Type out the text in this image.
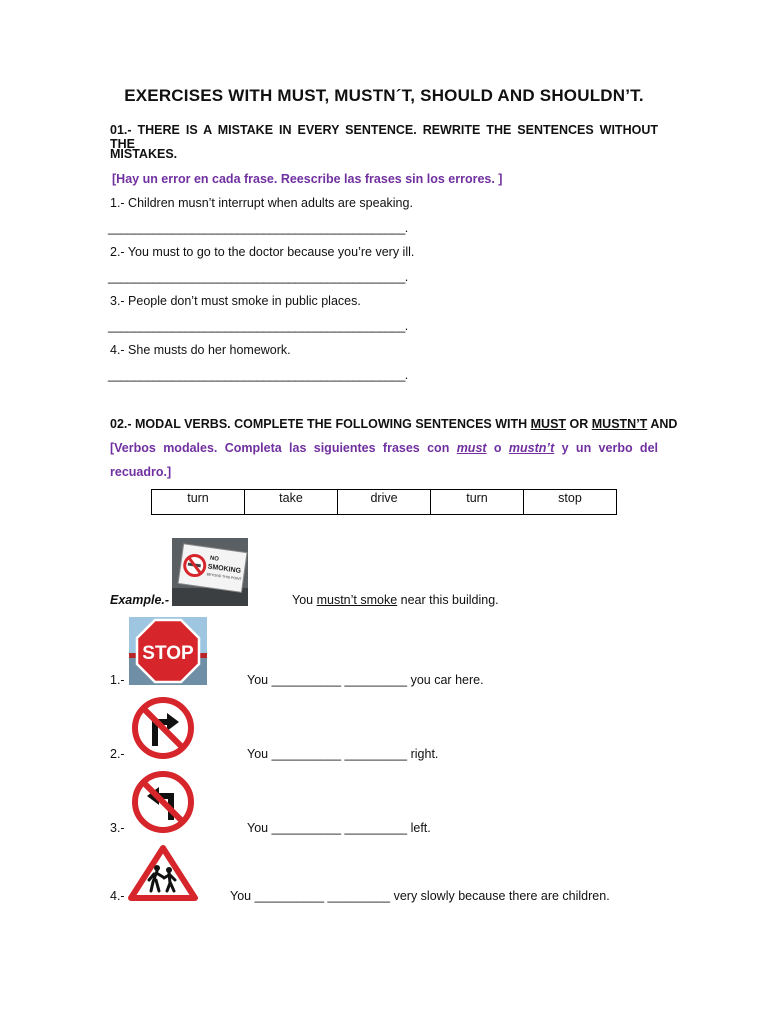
EXERCISES WITH MUST, MUSTN´T, SHOULD AND SHOULDN’T.
01.- THERE IS A MISTAKE IN EVERY SENTENCE. REWRITE THE SENTENCES WITHOUT THE
MISTAKES.
[Hay un error en cada frase. Reescribe las frases sin los errores. ]
1.- Children musn’t interrupt when adults are speaking.
______________________________________________.
2.- You must to go to the doctor because you’re very ill.
______________________________________________.
3.- People don’t must smoke in public places.
______________________________________________.
4.- She musts do her homework.
______________________________________________.
02.- MODAL VERBS. COMPLETE THE FOLLOWING SENTENCES WITH MUST OR MUSTN’T AND
[Verbos modales. Completa las siguientes frases con must o mustn’t y un verbo del
recuadro.]
turn	take	drive	turn	stop
Example.-
NO
SMOKING
BEYOND THIS POINT
You mustn’t smoke near this building.
STOP
1.-	You __________ _________ you car here.
2.-	You __________ _________ right.
3.-	You __________ _________ left.
4.-	You __________ _________ very slowly because there are children.
